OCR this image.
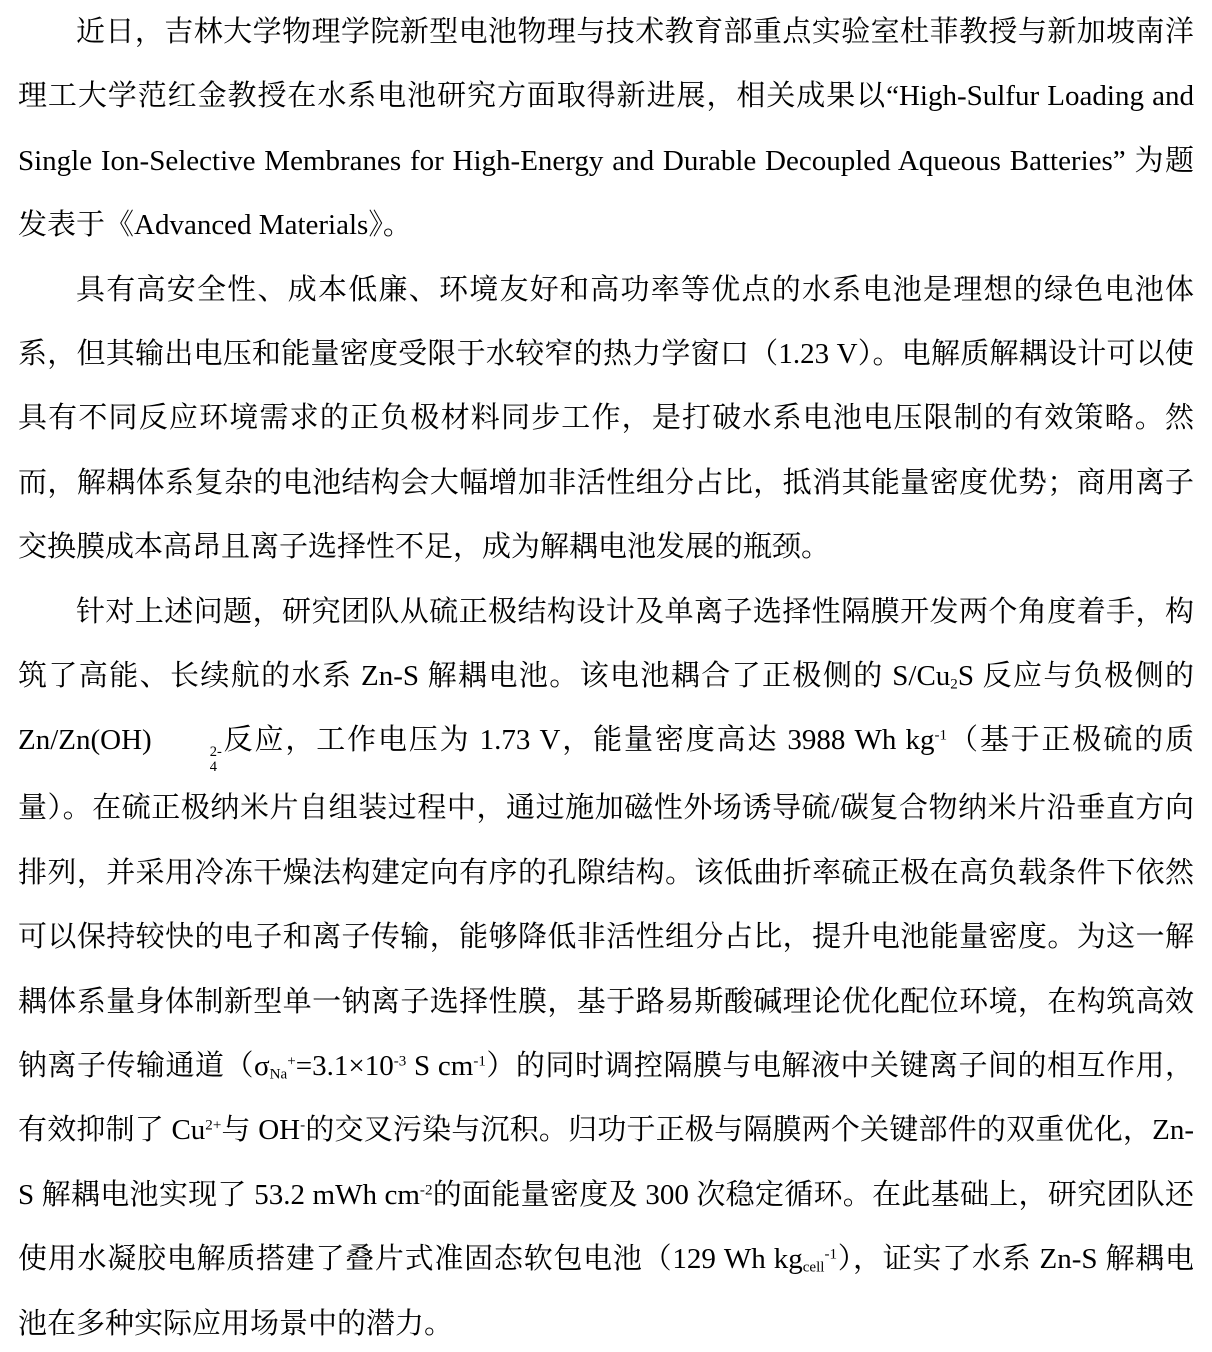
近日，吉林大学物理学院新型电池物理与技术教育部重点实验室杜菲教授与新加坡南洋理工大学范红金教授在水系电池研究方面取得新进展，相关成果以“High-Sulfur Loading and Single Ion-Selective Membranes for High-Energy and Durable Decoupled Aqueous Batteries” 为题发表于《Advanced Materials》。

具有高安全性、成本低廉、环境友好和高功率等优点的水系电池是理想的绿色电池体系，但其输出电压和能量密度受限于水较窄的热力学窗口（1.23 V）。电解质解耦设计可以使具有不同反应环境需求的正负极材料同步工作，是打破水系电池电压限制的有效策略。然而，解耦体系复杂的电池结构会大幅增加非活性组分占比，抵消其能量密度优势；商用离子交换膜成本高昂且离子选择性不足，成为解耦电池发展的瓶颈。

针对上述问题，研究团队从硫正极结构设计及单离子选择性隔膜开发两个角度着手，构筑了高能、长续航的水系 Zn-S 解耦电池。该电池耦合了正极侧的 $S/Cu_2S$ 反应与负极侧的 Zn/Zn(OH)	2-
4
反应，工作电压为 1.73 V，能量密度高达 3988 Wh $kg^{-1}$（基于正极硫的质量）。在硫正极纳米片自组装过程中，通过施加磁性外场诱导硫/碳复合物纳米片沿垂直方向排列，并采用冷冻干燥法构建定向有序的孔隙结构。该低曲折率硫正极在高负载条件下依然可以保持较快的电子和离子传输，能够降低非活性组分占比，提升电池能量密度。为这一解耦体系量身体制新型单一钠离子选择性膜，基于路易斯酸碱理论优化配位环境，在构筑高效钠离子传输通道（$\sigma_{Na}^+=3.1\times 10^{-3}$ S $cm^{-1}$）的同时调控隔膜与电解液中关键离子间的相互作用，有效抑制了 $Cu^{2+}$与 OH-的交叉污染与沉积。归功于正极与隔膜两个关键部件的双重优化，Zn-S 解耦电池实现了 53.2 mWh $cm^{-2}$的面能量密度及 300 次稳定循环。在此基础上，研究团队还使用水凝胶电解质搭建了叠片式准固态软包电池（129 Wh $kg_{cell}^{-1}$），证实了水系 Zn-S 解耦电池在多种实际应用场景中的潜力。
